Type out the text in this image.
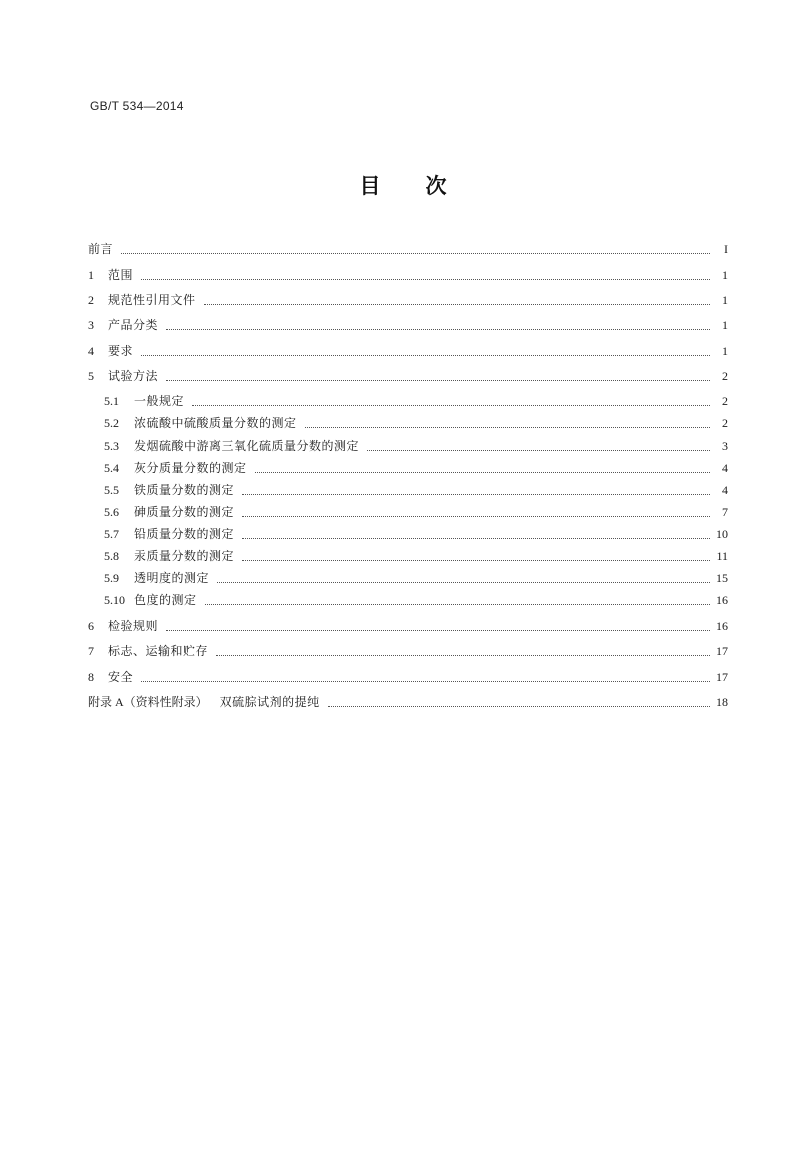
GB/T 534—2014
目　　次
前言	I
1	范围	1
2	规范性引用文件	1
3	产品分类	1
4	要求	1
5	试验方法	2
5.1	一般规定	2
5.2	浓硫酸中硫酸质量分数的测定	2
5.3	发烟硫酸中游离三氧化硫质量分数的测定	3
5.4	灰分质量分数的测定	4
5.5	铁质量分数的测定	4
5.6	砷质量分数的测定	7
5.7	铅质量分数的测定	10
5.8	汞质量分数的测定	11
5.9	透明度的测定	15
5.10 色度的测定	16
6	检验规则	16
7	标志、运输和贮存	17
8	安全	17
附录 A（资料性附录） 双硫腙试剂的提纯	18
